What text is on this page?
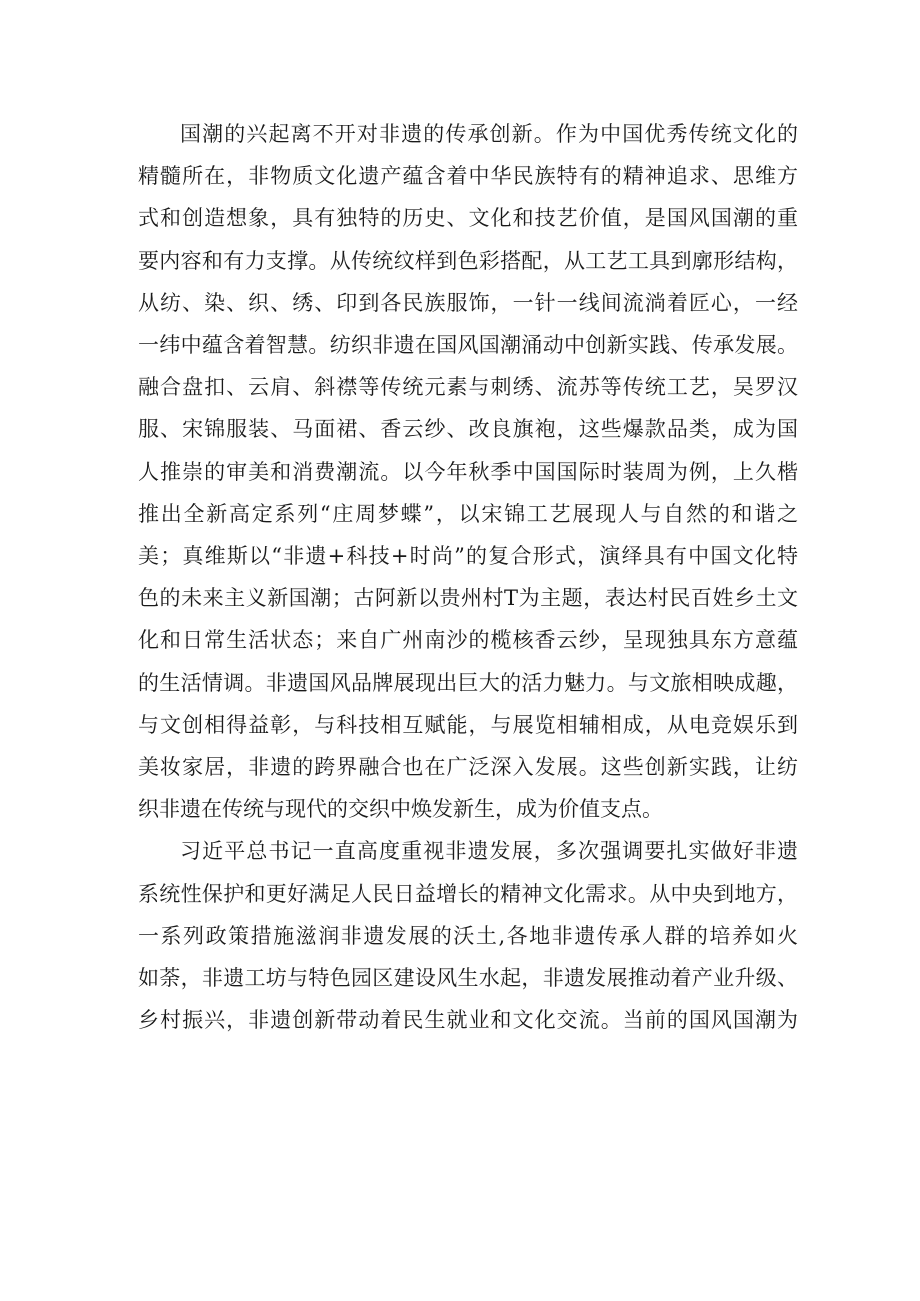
国潮的兴起离不开对非遗的传承创新。作为中国优秀传统文化的
精髓所在，非物质文化遗产蕴含着中华民族特有的精神追求、思维方
式和创造想象，具有独特的历史、文化和技艺价值，是国风国潮的重
要内容和有力支撑。从传统纹样到色彩搭配，从工艺工具到廓形结构，
从纺、染、织、绣、印到各民族服饰，一针一线间流淌着匠心，一经
一纬中蕴含着智慧。纺织非遗在国风国潮涌动中创新实践、传承发展。
融合盘扣、云肩、斜襟等传统元素与刺绣、流苏等传统工艺，吴罗汉
服、宋锦服装、马面裙、香云纱、改良旗袍，这些爆款品类，成为国
人推崇的审美和消费潮流。以今年秋季中国国际时装周为例，上久楷
推出全新高定系列“庄周梦蝶”，以宋锦工艺展现人与自然的和谐之
美；真维斯以“非遗+科技+时尚”的复合形式，演绎具有中国文化特
色的未来主义新国潮；古阿新以贵州村T为主题，表达村民百姓乡土文
化和日常生活状态；来自广州南沙的榄核香云纱，呈现独具东方意蕴
的生活情调。非遗国风品牌展现出巨大的活力魅力。与文旅相映成趣，
与文创相得益彰，与科技相互赋能，与展览相辅相成，从电竞娱乐到
美妆家居，非遗的跨界融合也在广泛深入发展。这些创新实践，让纺
织非遗在传统与现代的交织中焕发新生，成为价值支点。
习近平总书记一直高度重视非遗发展，多次强调要扎实做好非遗
系统性保护和更好满足人民日益增长的精神文化需求。从中央到地方，
一系列政策措施滋润非遗发展的沃土,各地非遗传承人群的培养如火
如荼，非遗工坊与特色园区建设风生水起，非遗发展推动着产业升级、
乡村振兴，非遗创新带动着民生就业和文化交流。当前的国风国潮为
